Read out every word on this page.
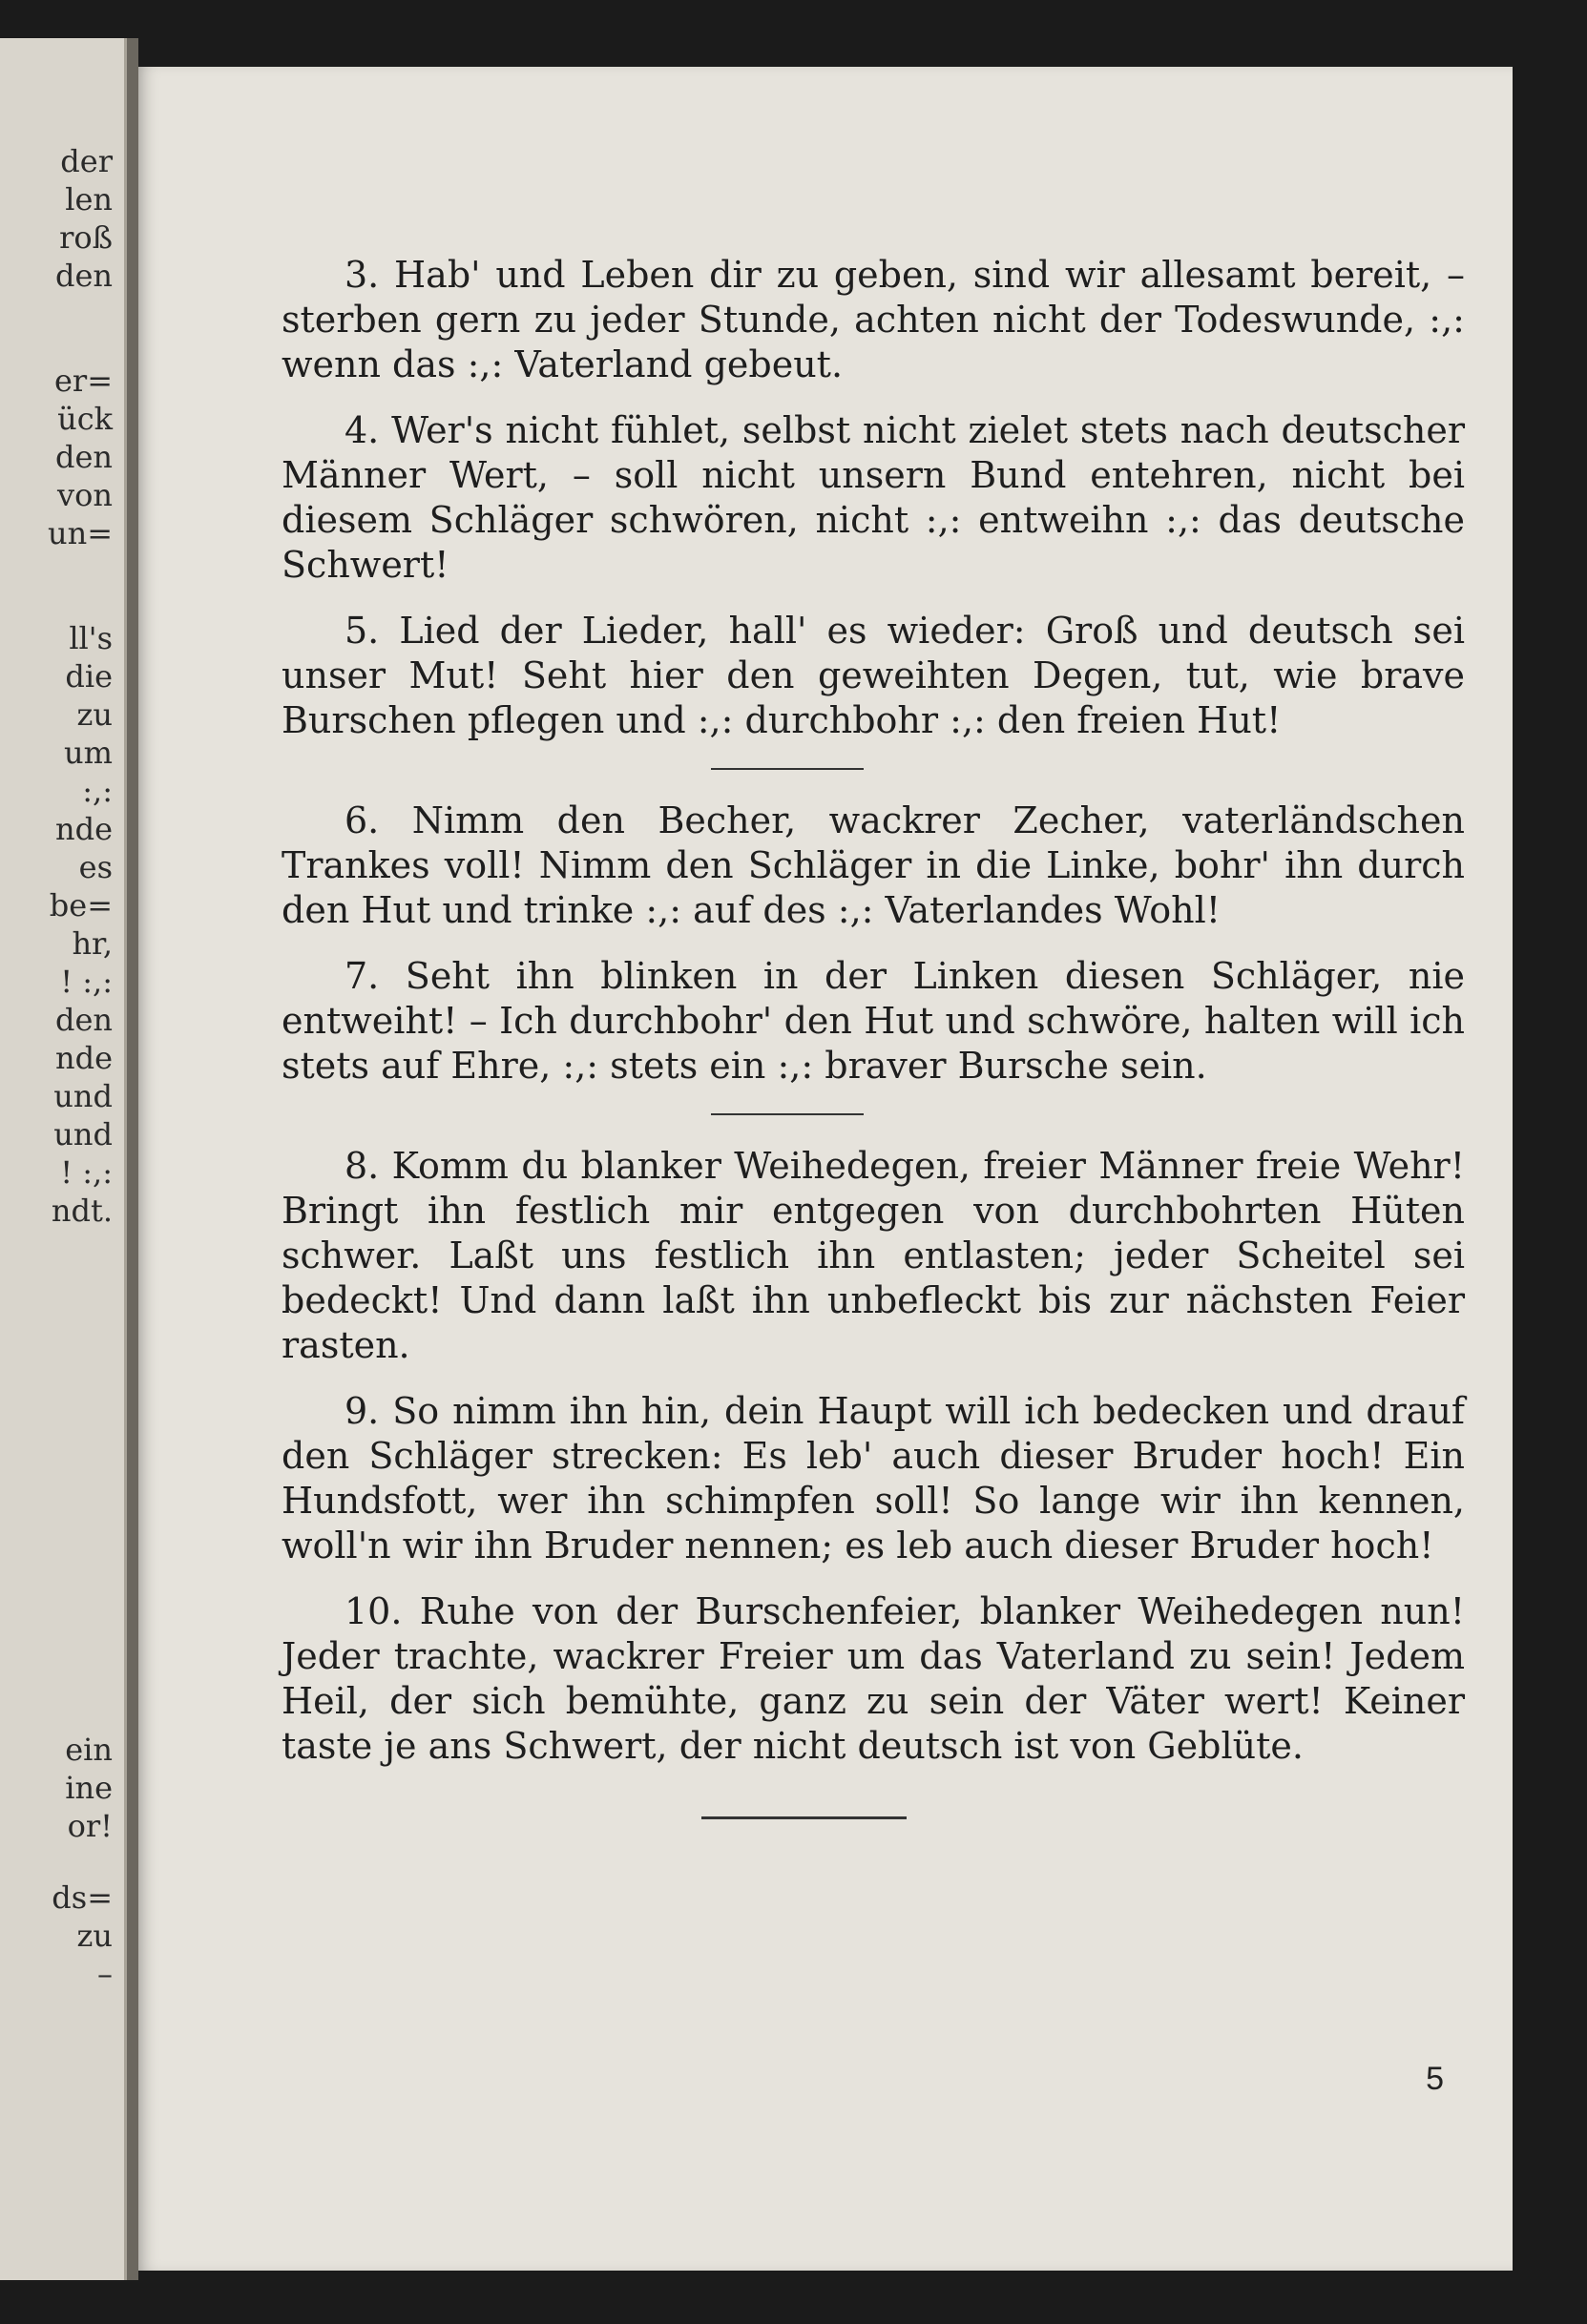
der
len
roß
den
er=
ück
den
von
un=
ll's
die
zu
um
:,:
nde
es
be=
hr,
! :,:
den
nde
und
und
! :,:
ndt.
ein
ine
or!
ds=
zu
–

3. Hab' und Leben dir zu geben, sind wir allesamt bereit, – sterben gern zu jeder Stunde, achten nicht der Todeswunde, :,: wenn das :,: Vaterland gebeut.

4. Wer's nicht fühlet, selbst nicht zielet stets nach deutscher Männer Wert, – soll nicht unsern Bund entehren, nicht bei diesem Schläger schwören, nicht :,: entweihn :,: das deutsche Schwert!

5. Lied der Lieder, hall' es wieder: Groß und deutsch sei unser Mut! Seht hier den geweihten Degen, tut, wie brave Burschen pflegen und :,: durchbohr :,: den freien Hut!

6. Nimm den Becher, wackrer Zecher, vaterländschen Trankes voll! Nimm den Schläger in die Linke, bohr' ihn durch den Hut und trinke :,: auf des :,: Vaterlandes Wohl!

7. Seht ihn blinken in der Linken diesen Schläger, nie entweiht! – Ich durchbohr' den Hut und schwöre, halten will ich stets auf Ehre, :,: stets ein :,: braver Bursche sein.

8. Komm du blanker Weihedegen, freier Männer freie Wehr! Bringt ihn festlich mir entgegen von durchbohrten Hüten schwer. Laßt uns festlich ihn entlasten; jeder Scheitel sei bedeckt! Und dann laßt ihn unbefleckt bis zur nächsten Feier rasten.

9. So nimm ihn hin, dein Haupt will ich bedecken und drauf den Schläger strecken: Es leb' auch dieser Bruder hoch! Ein Hundsfott, wer ihn schimpfen soll! So lange wir ihn kennen, woll'n wir ihn Bruder nennen; es leb auch dieser Bruder hoch!

10. Ruhe von der Burschenfeier, blanker Weihedegen nun! Jeder trachte, wackrer Freier um das Vaterland zu sein! Jedem Heil, der sich bemühte, ganz zu sein der Väter wert! Keiner taste je ans Schwert, der nicht deutsch ist von Geblüte.

5
